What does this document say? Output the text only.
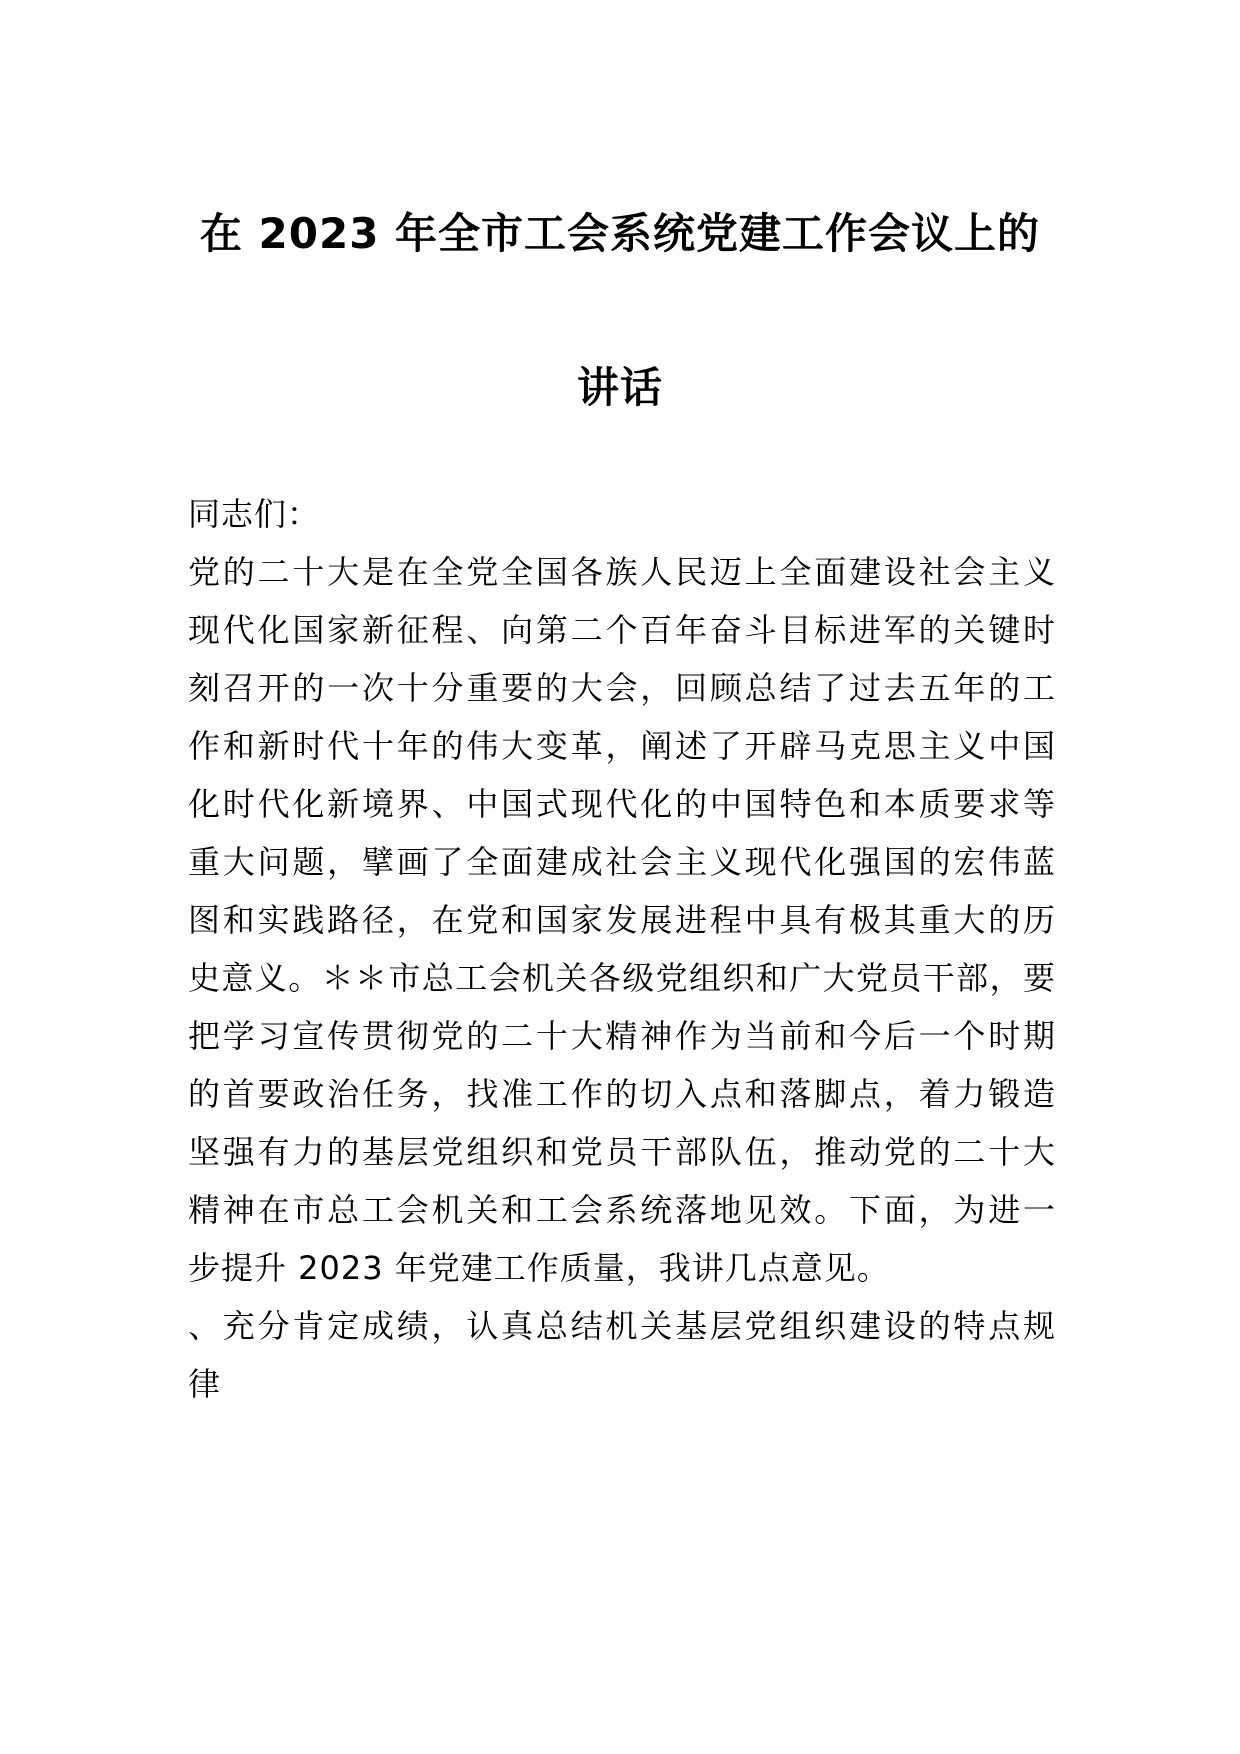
在 2023 年全市工会系统党建工作会议上的
讲话
同志们：
党的二十大是在全党全国各族人民迈上全面建设社会主义
现代化国家新征程、向第二个百年奋斗目标进军的关键时
刻召开的一次十分重要的大会，回顾总结了过去五年的工
作和新时代十年的伟大变革，阐述了开辟马克思主义中国
化时代化新境界、中国式现代化的中国特色和本质要求等
重大问题，擘画了全面建成社会主义现代化强国的宏伟蓝
图和实践路径，在党和国家发展进程中具有极其重大的历
史意义。＊＊市总工会机关各级党组织和广大党员干部，要
把学习宣传贯彻党的二十大精神作为当前和今后一个时期
的首要政治任务，找准工作的切入点和落脚点，着力锻造
坚强有力的基层党组织和党员干部队伍，推动党的二十大
精神在市总工会机关和工会系统落地见效。下面，为进一
步提升 2023 年党建工作质量，我讲几点意见。
、充分肯定成绩，认真总结机关基层党组织建设的特点规
律
